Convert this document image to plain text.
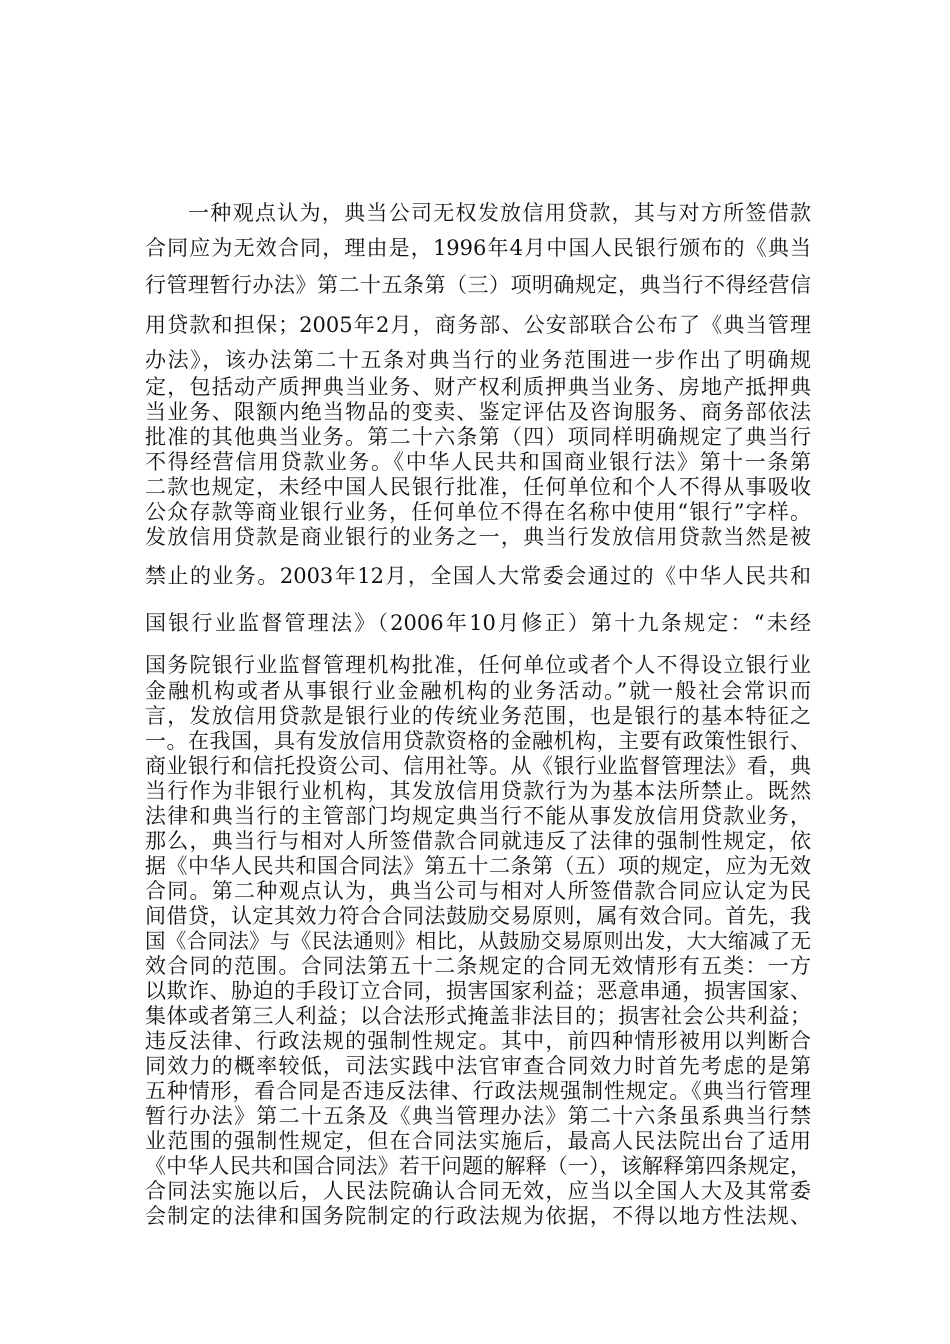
一种观点认为，典当公司无权发放信用贷款，其与对方所签借款
合同应为无效合同，理由是，1996年4月中国人民银行颁布的《典当
行管理暂行办法》第二十五条第（三）项明确规定，典当行不得经营信
用贷款和担保；2005年2月，商务部、公安部联合公布了《典当管理
办法》，该办法第二十五条对典当行的业务范围进一步作出了明确规
定，包括动产质押典当业务、财产权利质押典当业务、房地产抵押典
当业务、限额内绝当物品的变卖、鉴定评估及咨询服务、商务部依法
批准的其他典当业务。第二十六条第（四）项同样明确规定了典当行
不得经营信用贷款业务。《中华人民共和国商业银行法》第十一条第
二款也规定，未经中国人民银行批准，任何单位和个人不得从事吸收
公众存款等商业银行业务，任何单位不得在名称中使用“银行”字样。
发放信用贷款是商业银行的业务之一，典当行发放信用贷款当然是被
禁止的业务。2003年12月，全国人大常委会通过的《中华人民共和
国银行业监督管理法》（2006年10月修正）第十九条规定：“未经
国务院银行业监督管理机构批准，任何单位或者个人不得设立银行业
金融机构或者从事银行业金融机构的业务活动。”就一般社会常识而
言，发放信用贷款是银行业的传统业务范围，也是银行的基本特征之
一。在我国，具有发放信用贷款资格的金融机构，主要有政策性银行、
商业银行和信托投资公司、信用社等。从《银行业监督管理法》看，典
当行作为非银行业机构，其发放信用贷款行为为基本法所禁止。既然
法律和典当行的主管部门均规定典当行不能从事发放信用贷款业务，
那么，典当行与相对人所签借款合同就违反了法律的强制性规定，依
据《中华人民共和国合同法》第五十二条第（五）项的规定，应为无效
合同。第二种观点认为，典当公司与相对人所签借款合同应认定为民
间借贷，认定其效力符合合同法鼓励交易原则，属有效合同。首先，我
国《合同法》与《民法通则》相比，从鼓励交易原则出发，大大缩减了无
效合同的范围。合同法第五十二条规定的合同无效情形有五类：一方
以欺诈、胁迫的手段订立合同，损害国家利益；恶意串通，损害国家、
集体或者第三人利益；以合法形式掩盖非法目的；损害社会公共利益；
违反法律、行政法规的强制性规定。其中，前四种情形被用以判断合
同效力的概率较低，司法实践中法官审查合同效力时首先考虑的是第
五种情形，看合同是否违反法律、行政法规强制性规定。《典当行管理
暂行办法》第二十五条及《典当管理办法》第二十六条虽系典当行禁
业范围的强制性规定，但在合同法实施后，最高人民法院出台了适用
《中华人民共和国合同法》若干问题的解释（一），该解释第四条规定，
合同法实施以后，人民法院确认合同无效，应当以全国人大及其常委
会制定的法律和国务院制定的行政法规为依据，不得以地方性法规、
